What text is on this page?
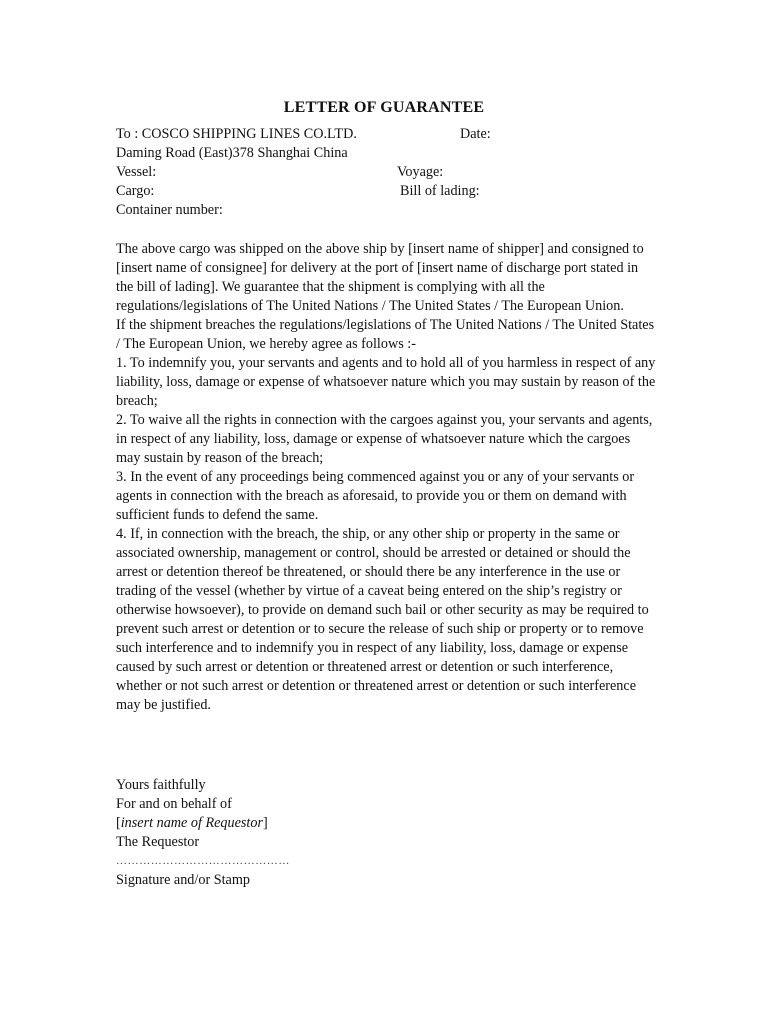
LETTER OF GUARANTEE
To : COSCO SHIPPING LINES CO.LTD.	Date:
Daming Road (East)378 Shanghai China
Vessel:	Voyage:
Cargo:	Bill of lading:
Container number:

The above cargo was shipped on the above ship by [insert name of shipper] and consigned to [insert name of consignee] for delivery at the port of [insert name of discharge port stated in the bill of lading]. We guarantee that the shipment is complying with all the regulations/legislations of The United Nations / The United States / The European Union.

If the shipment breaches the regulations/legislations of The United Nations / The United States / The European Union, we hereby agree as follows :-

1. To indemnify you, your servants and agents and to hold all of you harmless in respect of any liability, loss, damage or expense of whatsoever nature which you may sustain by reason of the breach;

2. To waive all the rights in connection with the cargoes against you, your servants and agents, in respect of any liability, loss, damage or expense of whatsoever nature which the cargoes may sustain by reason of the breach;

3. In the event of any proceedings being commenced against you or any of your servants or agents in connection with the breach as aforesaid, to provide you or them on demand with sufficient funds to defend the same.

4. If, in connection with the breach, the ship, or any other ship or property in the same or associated ownership, management or control, should be arrested or detained or should the arrest or detention thereof be threatened, or should there be any interference in the use or trading of the vessel (whether by virtue of a caveat being entered on the ship’s registry or otherwise howsoever), to provide on demand such bail or other security as may be required to prevent such arrest or detention or to secure the release of such ship or property or to remove such interference and to indemnify you in respect of any liability, loss, damage or expense caused by such arrest or detention or threatened arrest or detention or such interference, whether or not such arrest or detention or threatened arrest or detention or such interference may be justified.

Yours faithfully
For and on behalf of
[insert name of Requestor]
The Requestor
………………………………………
Signature and/or Stamp
